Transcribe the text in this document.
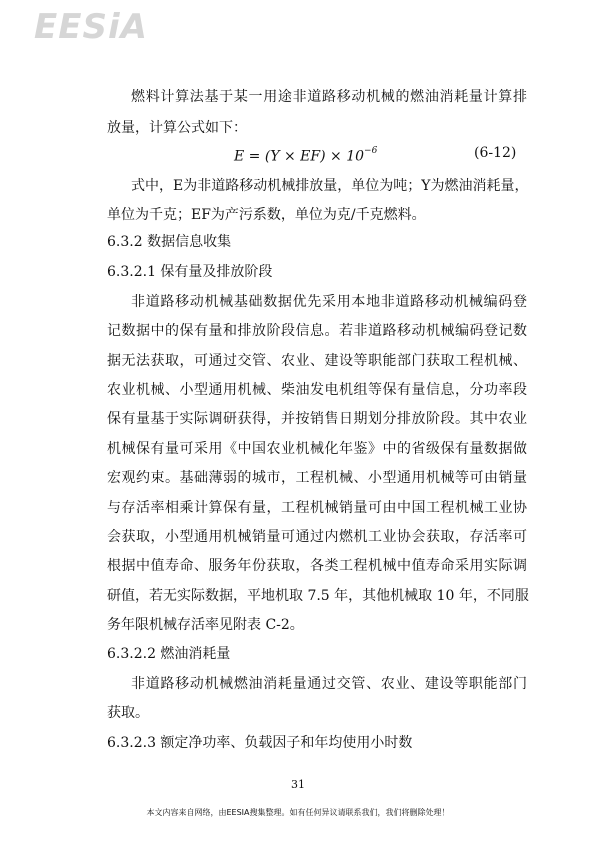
EESiA
燃料计算法基于某一用途非道路移动机械的燃油消耗量计算排
放量，计算公式如下：
$E = (Y \times EF) \times 10^{-6}$	(6-12)
式中，E为非道路移动机械排放量，单位为吨；Y为燃油消耗量，
单位为千克；EF为产污系数，单位为克/千克燃料。
6.3.2 数据信息收集
6.3.2.1 保有量及排放阶段
非道路移动机械基础数据优先采用本地非道路移动机械编码登
记数据中的保有量和排放阶段信息。若非道路移动机械编码登记数
据无法获取，可通过交管、农业、建设等职能部门获取工程机械、
农业机械、小型通用机械、柴油发电机组等保有量信息，分功率段
保有量基于实际调研获得，并按销售日期划分排放阶段。其中农业
机械保有量可采用《中国农业机械化年鉴》中的省级保有量数据做
宏观约束。基础薄弱的城市，工程机械、小型通用机械等可由销量
与存活率相乘计算保有量，工程机械销量可由中国工程机械工业协
会获取，小型通用机械销量可通过内燃机工业协会获取，存活率可
根据中值寿命、服务年份获取，各类工程机械中值寿命采用实际调
研值，若无实际数据，平地机取 7.5 年，其他机械取 10 年，不同服
务年限机械存活率见附表 C-2。
6.3.2.2 燃油消耗量
非道路移动机械燃油消耗量通过交管、农业、建设等职能部门
获取。
6.3.2.3 额定净功率、负载因子和年均使用小时数
31
本文内容来自网络，由EESIA搜集整理。如有任何异议请联系我们，我们将删除处理！
